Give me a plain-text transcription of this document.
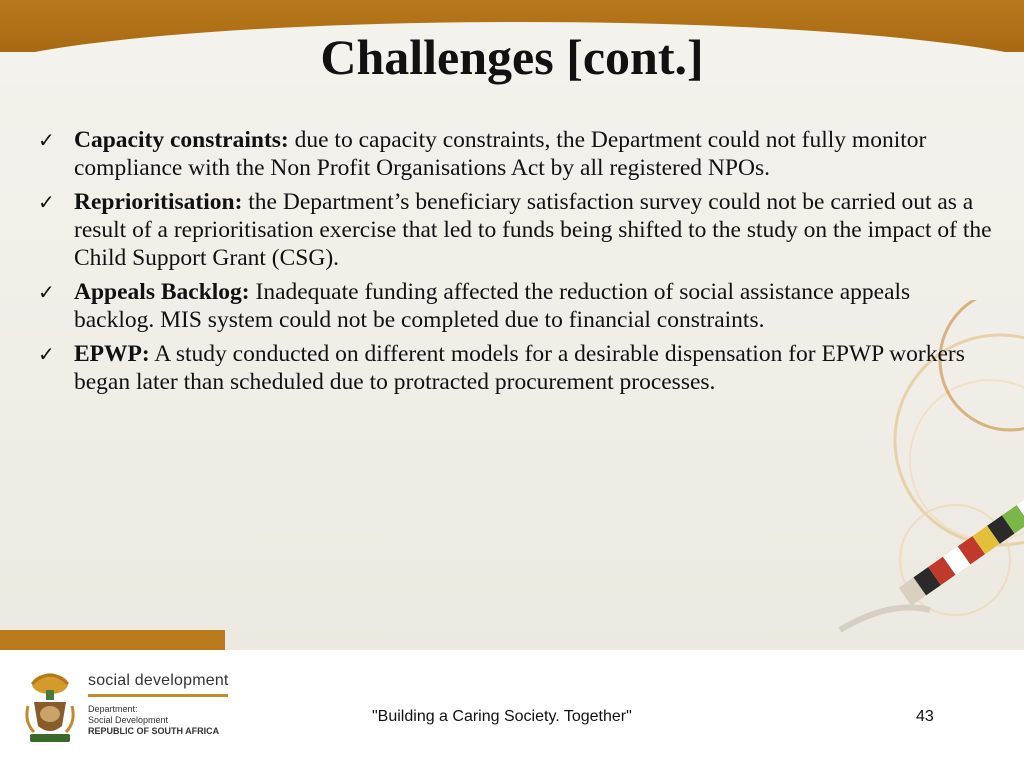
Challenges [cont.]
✓ Capacity constraints: due to capacity constraints, the Department could not fully monitor compliance with the Non Profit Organisations Act by all registered NPOs.
✓ Reprioritisation: the Department’s beneficiary satisfaction survey could not be carried out as a result of a reprioritisation exercise that led to funds being shifted to the study on the impact of the Child Support Grant (CSG).
✓ Appeals Backlog: Inadequate funding affected the reduction of social assistance appeals backlog. MIS system could not be completed due to financial constraints.
✓ EPWP: A study conducted on different models for a desirable dispensation for EPWP workers began later than scheduled due to protracted procurement processes.
social development
Department:
Social Development
REPUBLIC OF SOUTH AFRICA
"Building a Caring Society. Together"	43
